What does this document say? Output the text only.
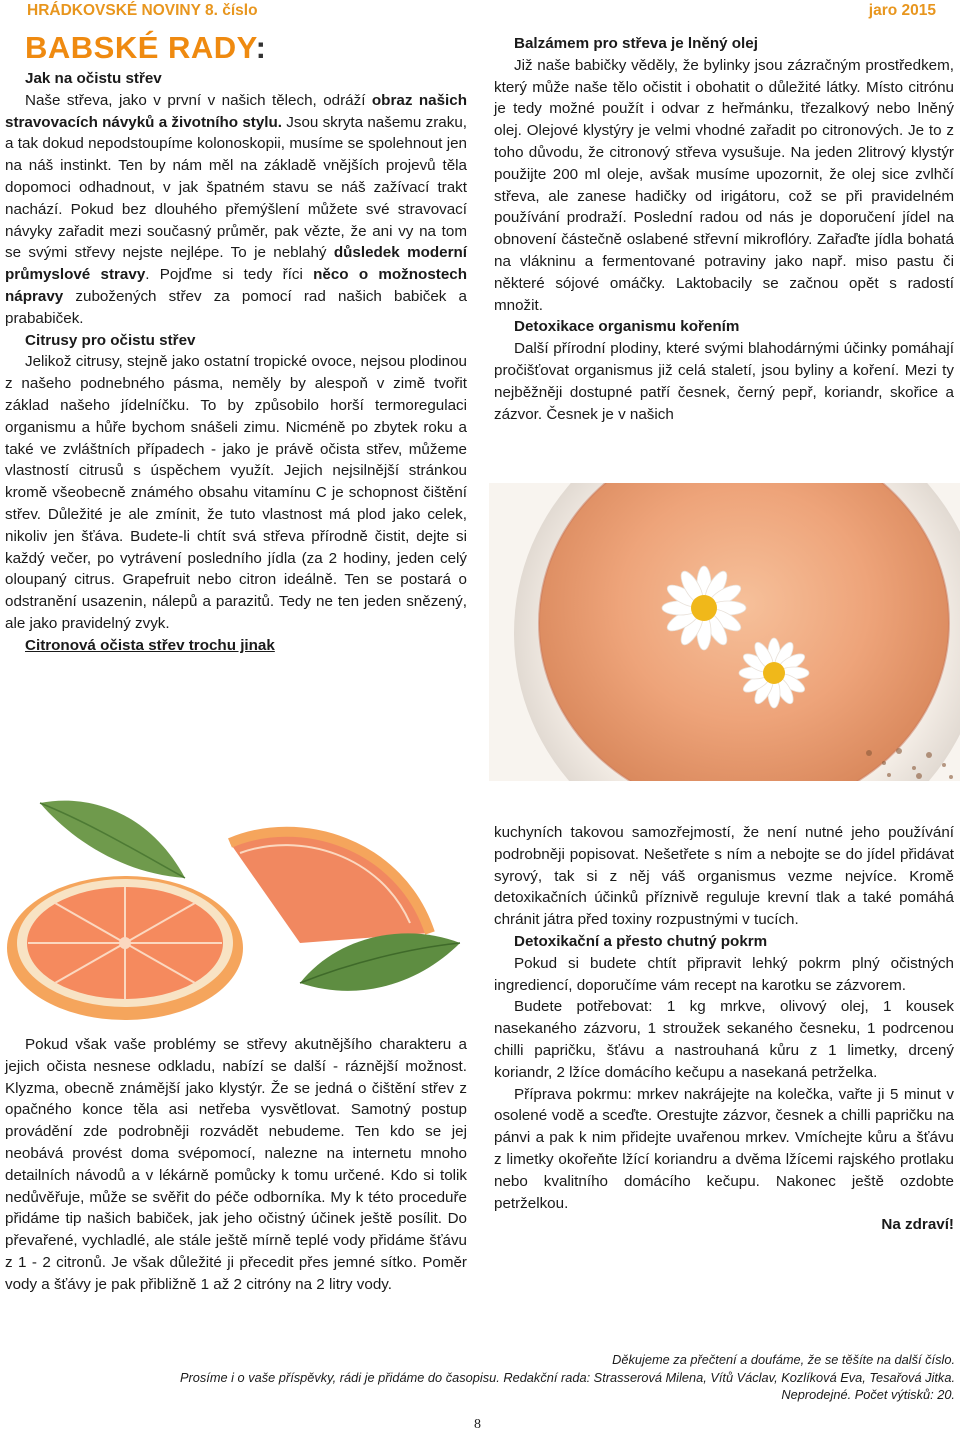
HRÁDKOVSKÉ NOVINY 8. číslo	jaro 2015
BABSKÉ RADY:

Jak na očistu střev

Naše střeva, jako v první v našich tělech, odráží obraz našich stravovacích návyků a životního stylu. Jsou skryta našemu zraku, a tak dokud nepodstoupíme kolonoskopii, musíme se spolehnout jen na náš instinkt. Ten by nám měl na základě vnějších projevů těla dopomoci odhadnout, v jak špatném stavu se náš zažívací trakt nachází. Pokud bez dlouhého přemýšlení můžete své stravovací návyky zařadit mezi současný průměr, pak vězte, že ani vy na tom se svými střevy nejste nejlépe. To je neblahý důsledek moderní průmyslové stravy. Pojďme si tedy říci něco o možnostech nápravy zubožených střev za pomocí rad našich babiček a prababiček.

Citrusy pro očistu střev

Jelikož citrusy, stejně jako ostatní tropické ovoce, nejsou plodinou z našeho podnebného pásma, neměly by alespoň v zimě tvořit základ našeho jídelníčku. To by způsobilo horší termoregulaci organismu a hůře bychom snášeli zimu. Nicméně po zbytek roku a také ve zvláštních případech - jako je právě očista střev, můžeme vlastností citrusů s úspěchem využít. Jejich nejsilnější stránkou kromě všeobecně známého obsahu vitamínu C je schopnost čištění střev. Důležité je ale zmínit, že tuto vlastnost má plod jako celek, nikoliv jen šťáva. Budete-li chtít svá střeva přírodně čistit, dejte si každý večer, po vytrávení posledního jídla (za 2 hodiny, jeden celý oloupaný citrus. Grapefruit nebo citron ideálně. Ten se postará o odstranění usazenin, nálepů a parazitů. Tedy ne ten jeden snězený, ale jako pravidelný zvyk.

Citronová očista střev trochu jinak

Balzámem pro střeva je lněný olej

Již naše babičky věděly, že bylinky jsou zázračným prostředkem, který může naše tělo očistit i obohatit o důležité látky. Místo citrónu je tedy možné použít i odvar z heřmánku, třezalkový nebo lněný olej. Olejové klystýry je velmi vhodné zařadit po citronových. Je to z toho důvodu, že citronový střeva vysušuje. Na jeden 2litrový klystýr použijte 200 ml oleje, avšak musíme upozornit, že olej sice zvlhčí střeva, ale zanese hadičky od irigátoru, což se při pravidelném používání prodraží. Poslední radou od nás je doporučení jídel na obnovení částečně oslabené střevní mikroflóry. Zařaďte jídla bohatá na vlákninu a fermentované potraviny jako např. miso pastu či některé sójové omáčky. Laktobacily se začnou opět s radostí množit.

Detoxikace organismu kořením

Další přírodní plodiny, které svými blahodárnými účinky pomáhají pročišťovat organismus již celá staletí, jsou byliny a koření. Mezi ty nejběžněji dostupné patří česnek, černý pepř, koriandr, skořice a zázvor. Česnek je v našich

Pokud však vaše problémy se střevy akutnějšího charakteru a jejich očista nesnese odkladu, nabízí se další - ráznější možnost. Klyzma, obecně známější jako klystýr. Že se jedná o čištění střev z opačného konce těla asi netřeba vysvětlovat. Samotný postup provádění zde podrobněji rozvádět nebudeme. Ten kdo se jej neobává provést doma svépomocí, nalezne na internetu mnoho detailních návodů a v lékárně pomůcky k tomu určené. Kdo si tolik nedůvěřuje, může se svěřit do péče odborníka. My k této proceduře přidáme tip našich babiček, jak jeho očistný účinek ještě posílit. Do převařené, vychladlé, ale stále ještě mírně teplé vody přidáme šťávu z 1 - 2 citronů. Je však důležité ji přecedit přes jemné sítko. Poměr vody a šťávy je pak přibližně 1 až 2 citróny na 2 litry vody.

kuchyních takovou samozřejmostí, že není nutné jeho používání podrobněji popisovat. Nešetřete s ním a nebojte se do jídel přidávat syrový, tak si z něj váš organismus vezme nejvíce. Kromě detoxikačních účinků příznivě reguluje krevní tlak a také pomáhá chránit játra před toxiny rozpustnými v tucích.

Detoxikační a přesto chutný pokrm

Pokud si budete chtít připravit lehký pokrm plný očistných ingrediencí, doporučíme vám recept na karotku se zázvorem.

Budete potřebovat: 1 kg mrkve, olivový olej, 1 kousek nasekaného zázvoru, 1 stroužek sekaného česneku, 1 podrcenou chilli papričku, šťávu a nastrouhaná kůru z 1 limetky, drcený koriandr, 2 lžíce domácího kečupu a nasekaná petrželka.

Příprava pokrmu: mrkev nakrájejte na kolečka, vařte ji 5 minut v osolené vodě a sceďte. Orestujte zázvor, česnek a chilli papričku na pánvi a pak k nim přidejte uvařenou mrkev. Vmíchejte kůru a šťávu z limetky okořeňte lžící koriandru a dvěma lžícemi rajského protlaku nebo kvalitního domácího kečupu. Nakonec ještě ozdobte petrželkou.

Na zdraví!

Děkujeme za přečtení a doufáme, že se těšíte na další číslo.

Prosíme i o vaše příspěvky, rádi je přidáme do časopisu. Redakční rada: Strasserová Milena, Vítů Václav, Kozlíková Eva, Tesařová Jitka.

Neprodejné. Počet výtisků: 20.

8
